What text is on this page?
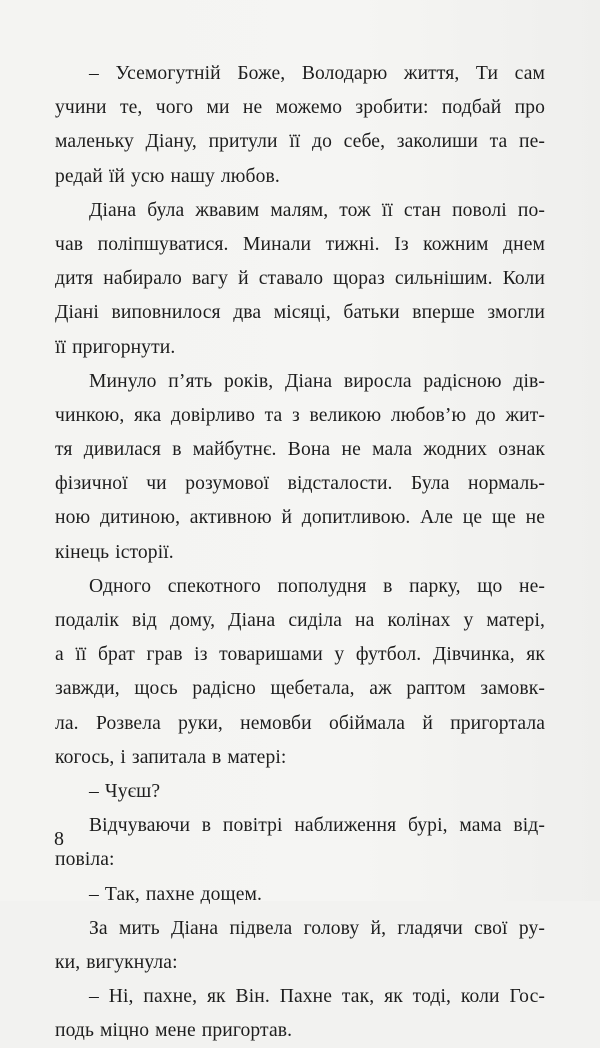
– Усемогутній Боже, Володарю життя, Ти сам
учини те, чого ми не можемо зробити: подбай про
маленьку Діану, притули її до себе, заколиши та пе-
редай їй усю нашу любов.
Діана була жвавим малям, тож її стан поволі по-
чав поліпшуватися. Минали тижні. Із кожним днем
дитя набирало вагу й ставало щораз сильнішим. Коли
Діані виповнилося два місяці, батьки вперше змогли
її пригорнути.
Минуло п’ять років, Діана виросла радісною дів-
чинкою, яка довірливо та з великою любов’ю до жит-
тя дивилася в майбутнє. Вона не мала жодних ознак
фізичної чи розумової відсталости. Була нормаль-
ною дитиною, активною й допитливою. Але це ще не
кінець історії.
Одного спекотного пополудня в парку, що не-
подалік від дому, Діана сиділа на колінах у матері,
а її брат грав із товаришами у футбол. Дівчинка, як
завжди, щось радісно щебетала, аж раптом замовк-
ла. Розвела руки, немовби обіймала й пригортала
когось, і запитала в матері:
– Чуєш?
Відчуваючи в повітрі наближення бурі, мама від-
повіла:
– Так, пахне дощем.
За мить Діана підвела голову й, гладячи свої ру-
ки, вигукнула:
– Ні, пахне, як Він. Пахне так, як тоді, коли Гос-
подь міцно мене пригортав.
8
